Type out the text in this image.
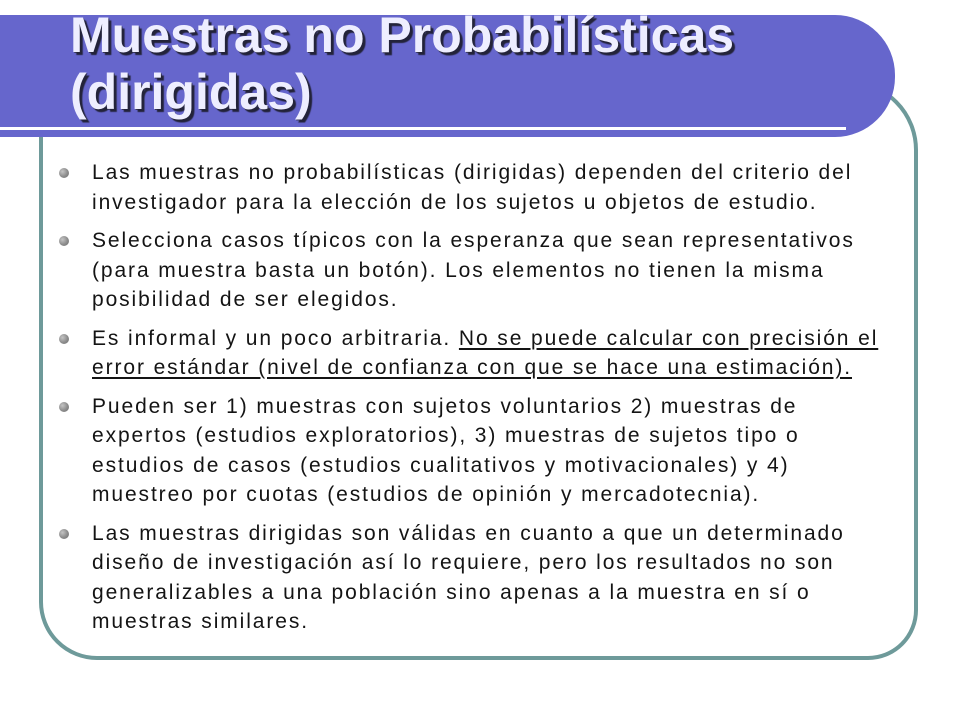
Muestras no Probabilísticas
(dirigidas)
Las muestras no probabilísticas (dirigidas) dependen del criterio del
investigador para la elección de los sujetos u objetos de estudio.
Selecciona casos típicos con la esperanza que sean representativos
(para muestra basta un botón). Los elementos no tienen la misma
posibilidad de ser elegidos.
Es informal y un poco arbitraria. No se puede calcular con precisión el
error estándar (nivel de confianza con que se hace una estimación).
Pueden ser 1) muestras con sujetos voluntarios 2) muestras de
expertos (estudios exploratorios), 3) muestras de sujetos tipo o
estudios de casos (estudios cualitativos y motivacionales) y 4)
muestreo por cuotas (estudios de opinión y mercadotecnia).
Las muestras dirigidas son válidas en cuanto a que un determinado
diseño de investigación así lo requiere, pero los resultados no son
generalizables a una población sino apenas a la muestra en sí o
muestras similares.
